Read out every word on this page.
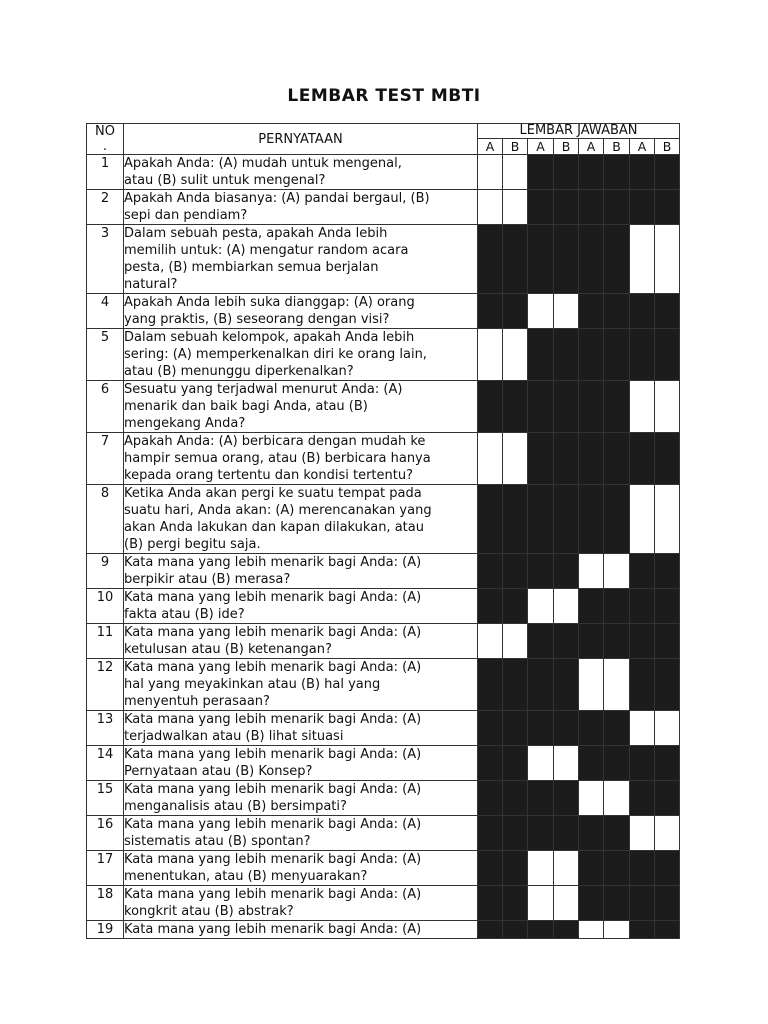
LEMBAR TEST MBTI
NO
.	PERNYATAAN	LEMBAR JAWABAN							
		A	B	A	B	A	B	A	B
1	Apakah Anda: (A) mudah untuk mengenal,
atau (B) sulit untuk mengenal?								
2	Apakah Anda biasanya: (A) pandai bergaul, (B)
sepi dan pendiam?								
3	Dalam sebuah pesta, apakah Anda lebih
memilih untuk: (A) mengatur random acara
pesta, (B) membiarkan semua berjalan
natural?								
4	Apakah Anda lebih suka dianggap: (A) orang
yang praktis, (B) seseorang dengan visi?								
5	Dalam sebuah kelompok, apakah Anda lebih
sering: (A) memperkenalkan diri ke orang lain,
atau (B) menunggu diperkenalkan?								
6	Sesuatu yang terjadwal menurut Anda: (A)
menarik dan baik bagi Anda, atau (B)
mengekang Anda?								
7	Apakah Anda: (A) berbicara dengan mudah ke
hampir semua orang, atau (B) berbicara hanya
kepada orang tertentu dan kondisi tertentu?								
8	Ketika Anda akan pergi ke suatu tempat pada
suatu hari, Anda akan: (A) merencanakan yang
akan Anda lakukan dan kapan dilakukan, atau
(B) pergi begitu saja.								
9	Kata mana yang lebih menarik bagi Anda: (A)
berpikir atau (B) merasa?								
10	Kata mana yang lebih menarik bagi Anda: (A)
fakta atau (B) ide?								
11	Kata mana yang lebih menarik bagi Anda: (A)
ketulusan atau (B) ketenangan?								
12	Kata mana yang lebih menarik bagi Anda: (A)
hal yang meyakinkan atau (B) hal yang
menyentuh perasaan?								
13	Kata mana yang lebih menarik bagi Anda: (A)
terjadwalkan atau (B) lihat situasi								
14	Kata mana yang lebih menarik bagi Anda: (A)
Pernyataan atau (B) Konsep?								
15	Kata mana yang lebih menarik bagi Anda: (A)
menganalisis atau (B) bersimpati?								
16	Kata mana yang lebih menarik bagi Anda: (A)
sistematis atau (B) spontan?								
17	Kata mana yang lebih menarik bagi Anda: (A)
menentukan, atau (B) menyuarakan?								
18	Kata mana yang lebih menarik bagi Anda: (A)
kongkrit atau (B) abstrak?								
19	Kata mana yang lebih menarik bagi Anda: (A)								
